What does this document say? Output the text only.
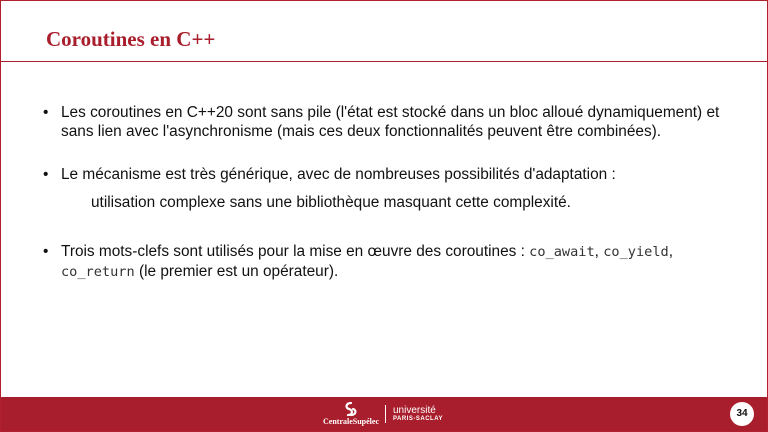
Coroutines en C++
• Les coroutines en C++20 sont sans pile (l'état est stocké dans un bloc alloué dynamiquement) et sans lien avec l'asynchronisme (mais ces deux fonctionnalités peuvent être combinées).
• Le mécanisme est très générique, avec de nombreuses possibilités d'adaptation :
utilisation complexe sans une bibliothèque masquant cette complexité.
• Trois mots-clefs sont utilisés pour la mise en œuvre des coroutines : co_await, co_yield, co_return (le premier est un opérateur).
CentraleSupélec
université
PARIS-SACLAY	34
